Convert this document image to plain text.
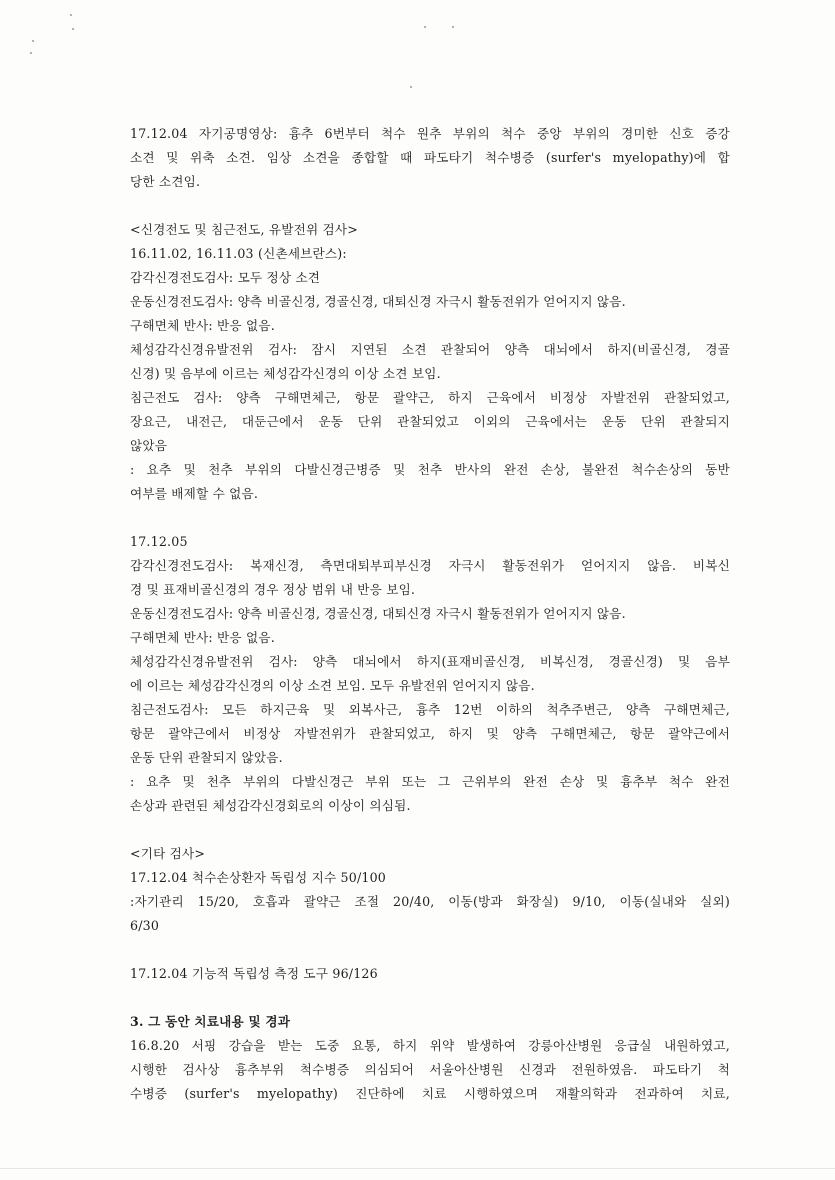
17.12.04 자기공명영상: 흉추 6번부터 척수 원추 부위의 척수 중앙 부위의 경미한 신호 증강
소견 및 위축 소견. 임상 소견을 종합할 때 파도타기 척수병증 (surfer's myelopathy)에 합
당한 소견임.
<신경전도 및 침근전도, 유발전위 검사>
16.11.02, 16.11.03 (신촌세브란스):
감각신경전도검사: 모두 정상 소견
운동신경전도검사: 양측 비골신경, 경골신경, 대퇴신경 자극시 활동전위가 얻어지지 않음.
구해면체 반사: 반응 없음.
체성감각신경유발전위 검사: 잠시 지연된 소견 관찰되어 양측 대뇌에서 하지(비골신경, 경골
신경) 및 음부에 이르는 체성감각신경의 이상 소견 보임.
침근전도 검사: 양측 구해면체근, 항문 괄약근, 하지 근육에서 비정상 자발전위 관찰되었고,
장요근, 내전근, 대둔근에서 운동 단위 관찰되었고 이외의 근육에서는 운동 단위 관찰되지
않았음
: 요추 및 천추 부위의 다발신경근병증 및 천추 반사의 완전 손상, 불완전 척수손상의 동반
여부를 배제할 수 없음.
17.12.05
감각신경전도검사: 복재신경, 측면대퇴부피부신경 자극시 활동전위가 얻어지지 않음. 비복신
경 및 표재비골신경의 경우 정상 범위 내 반응 보임.
운동신경전도검사: 양측 비골신경, 경골신경, 대퇴신경 자극시 활동전위가 얻어지지 않음.
구해면체 반사: 반응 없음.
체성감각신경유발전위 검사: 양측 대뇌에서 하지(표재비골신경, 비복신경, 경골신경) 및 음부
에 이르는 체성감각신경의 이상 소견 보임. 모두 유발전위 얻어지지 않음.
침근전도검사: 모든 하지근육 및 외복사근, 흉추 12번 이하의 척추주변근, 양측 구해면체근,
항문 괄약근에서 비정상 자발전위가 관찰되었고, 하지 및 양측 구해면체근, 항문 괄약근에서
운동 단위 관찰되지 않았음.
: 요추 및 천추 부위의 다발신경근 부위 또는 그 근위부의 완전 손상 및 흉추부 척수 완전
손상과 관련된 체성감각신경회로의 이상이 의심됨.
<기타 검사>
17.12.04 척수손상환자 독립성 지수 50/100
:자기관리 15/20, 호흡과 괄약근 조절 20/40, 이동(방과 화장실) 9/10, 이동(실내와 실외)
6/30
17.12.04 기능적 독립성 측정 도구 96/126
3. 그 동안 치료내용 및 경과
16.8.20 서핑 강습을 받는 도중 요통, 하지 위약 발생하여 강릉아산병원 응급실 내원하였고,
시행한 검사상 흉추부위 척수병증 의심되어 서울아산병원 신경과 전원하였음. 파도타기 척
수병증 (surfer's myelopathy) 진단하에 치료 시행하였으며 재활의학과 전과하여 치료,
